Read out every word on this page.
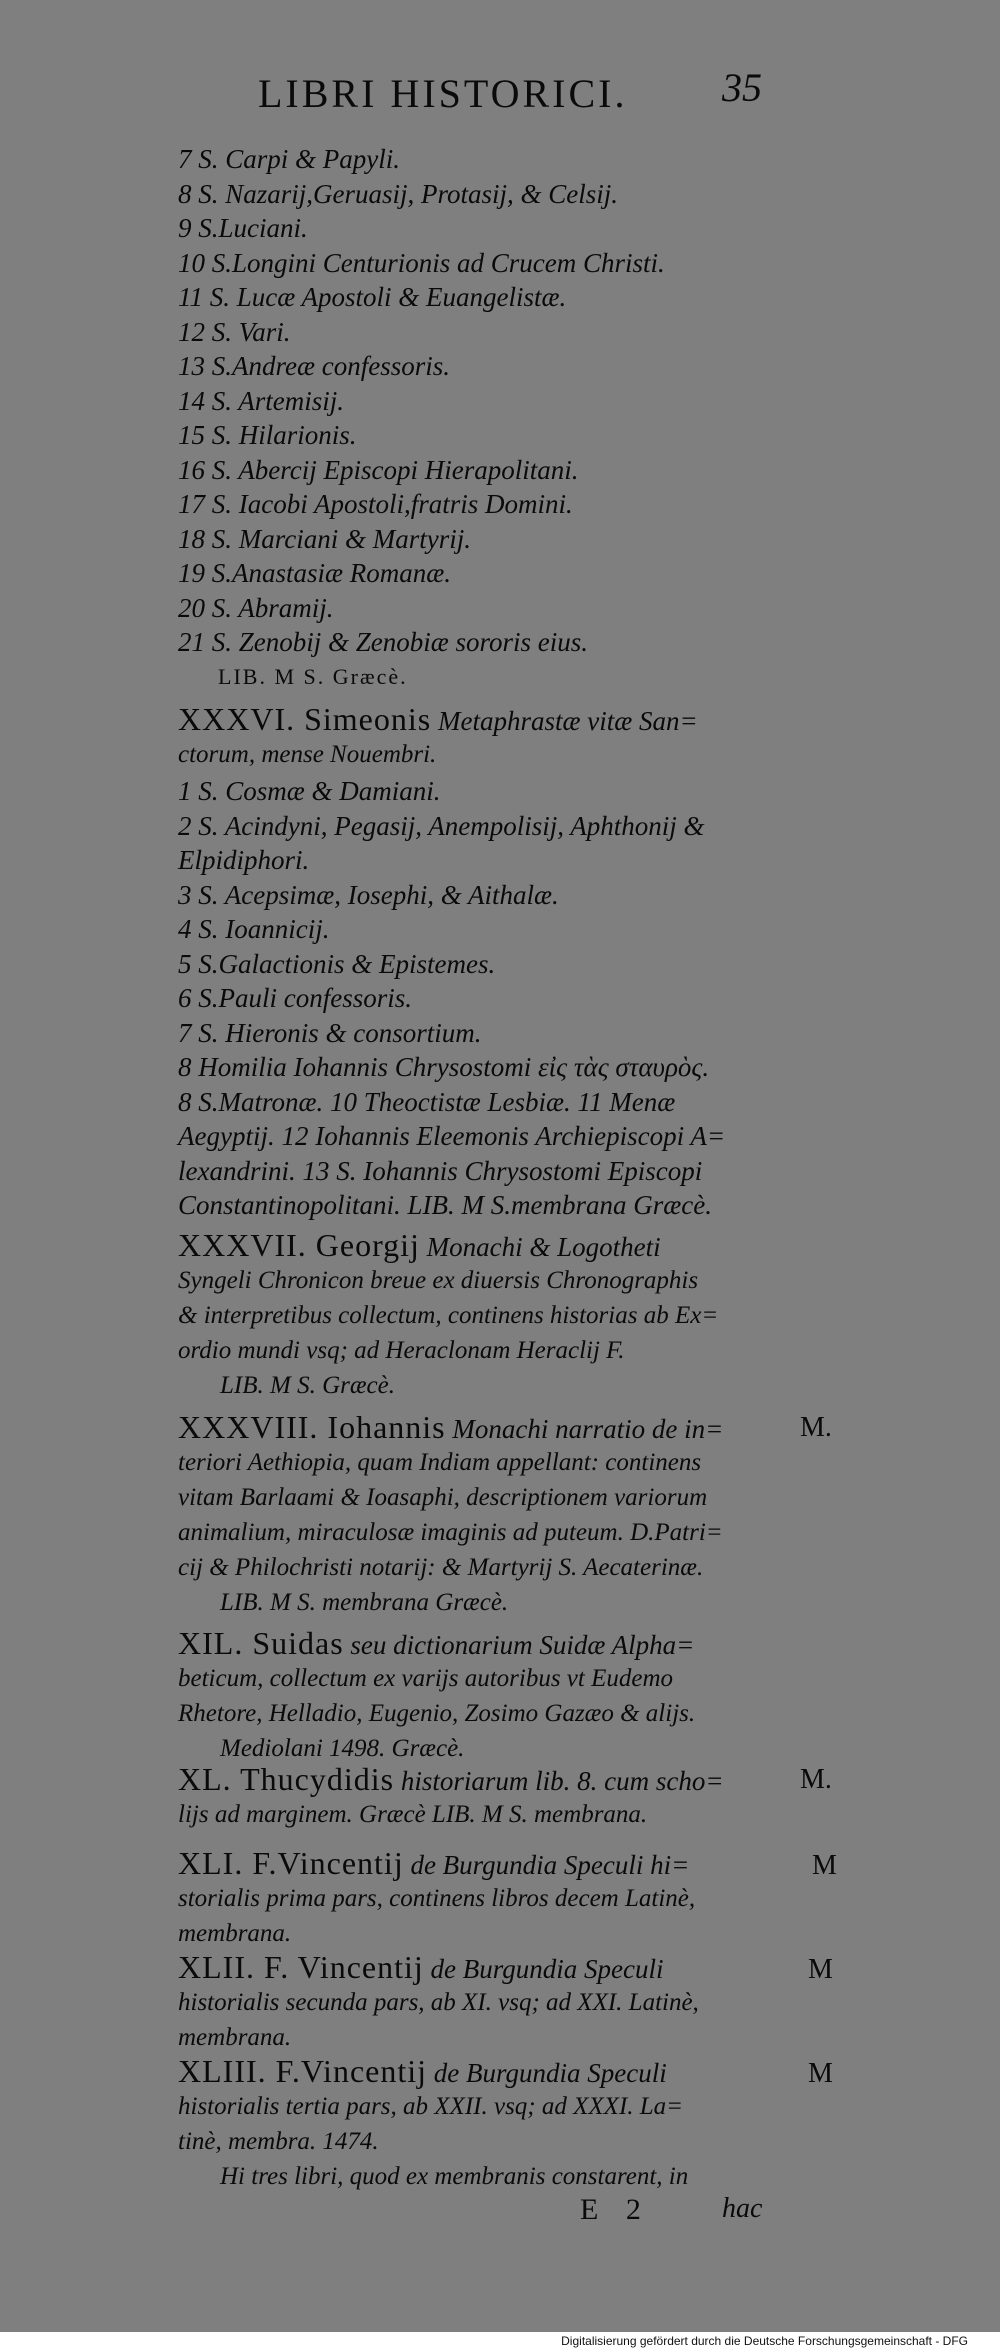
LIBRI HISTORICI. 35
7 S. Carpi & Papyli.
8 S. Nazarij,Geruasij, Protasij, & Celsij.
9 S.Luciani.
10 S.Longini Centurionis ad Crucem Christi.
11 S. Lucæ Apostoli & Euangelistæ.
12 S. Vari.
13 S.Andreæ confessoris.
14 S. Artemisij.
15 S. Hilarionis.
16 S. Abercij Episcopi Hierapolitani.
17 S. Iacobi Apostoli,fratris Domini.
18 S. Marciani & Martyrij.
19 S.Anastasiæ Romanæ.
20 S. Abramij.
21 S. Zenobij & Zenobiæ sororis eius.
LIB. M S. Græcè.
XXXVI. Simeonis Metaphrastæ vitæ San=
ctorum, mense Nouembri.
1 S. Cosmæ & Damiani.
2 S. Acindyni, Pegasij, Anempolisij, Aphthonij &
Elpidiphori.
3 S. Acepsimæ, Iosephi, & Aithalæ.
4 S. Ioannicij.
5 S.Galactionis & Epistemes.
6 S.Pauli confessoris.
7 S. Hieronis & consortium.
8 Homilia Iohannis Chrysostomi εἰς τὰς σταυρὸς.
8 S.Matronæ. 10 Theoctistæ Lesbiæ. 11 Menæ
Aegyptij. 12 Iohannis Eleemonis Archiepiscopi A=
lexandrini. 13 S. Iohannis Chrysostomi Episcopi
Constantinopolitani. LIB. M S.membrana Græcè.
XXXVII. Georgij Monachi & Logotheti
Syngeli Chronicon breue ex diuersis Chronographis
& interpretibus collectum, continens historias ab Ex=
ordio mundi vsq; ad Heraclonam Heraclij F.
LIB. M S. Græcè.
XXXVIII. Iohannis Monachi narratio de in=
teriori Aethiopia, quam Indiam appellant: continens
vitam Barlaami & Ioasaphi, descriptionem variorum
animalium, miraculosæ imaginis ad puteum. D.Patri=
cij & Philochristi notarij: & Martyrij S. Aecaterinæ.
LIB. M S. membrana Græcè.
XIL. Suidas seu dictionarium Suidæ Alpha=
beticum, collectum ex varijs autoribus vt Eudemo
Rhetore, Helladio, Eugenio, Zosimo Gazæo & alijs.
Mediolani 1498. Græcè.
XL. Thucydidis historiarum lib. 8. cum scho=
lijs ad marginem. Græcè LIB. M S. membrana.
XLI. F.Vincentij de Burgundia Speculi hi=
storialis prima pars, continens libros decem Latinè,
membrana.
XLII. F. Vincentij de Burgundia Speculi
historialis secunda pars, ab XI. vsq; ad XXI. Latinè,
membrana.
XLIII. F.Vincentij de Burgundia Speculi
historialis tertia pars, ab XXII. vsq; ad XXXI. La=
tinè, membra. 1474.
Hi tres libri, quod ex membranis constarent, in
M.
M.
M
M
M
E 2	hac
Digitalisierung gefördert durch die Deutsche Forschungsgemeinschaft - DFG
